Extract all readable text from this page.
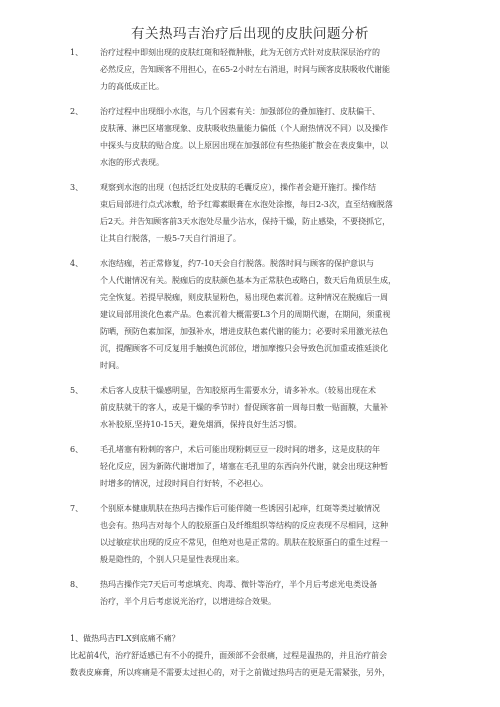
有关热玛吉治疗后出现的皮肤问题分析
1、 治疗过程中即刻出现的皮肤红斑和轻微肿胀，此为无创方式针对皮肤深层治疗的
必然反应，告知顾客不用担心，在65-2小时左右消退，时间与顾客皮肤吸收代谢能
力的高低成正比。
2、 治疗过程中出现细小水泡，与几个因素有关：加强部位的叠加施打、皮肤偏干、
皮肤薄、淋巴区堵塞现象、皮肤吸收热量能力偏低（个人耐热情况不同）以及操作
中探头与皮肤的贴合度。以上原因出现在加强部位有些热能扩散会在表皮集中，以
水泡的形式表现。
3、 观察到水泡的出现（包括泛红处皮肤的毛囊反应），操作者会避开施打。操作结
束后局部进行点式冰敷，给予红霉素眼膏在水泡处涂擦，每日2-3次，直至结痂脱落
后2天。并告知顾客前3天水泡处尽量少沾水，保持干燥，防止感染，不要挠抓它，
让其自行脱落，一般5-7天自行消退了。
4、 水泡结痂，若正常修复，约7-10天会自行脱落。脱落时间与顾客的保护意识与
个人代谢情况有关。脱痂后的皮肤颜色基本为正常肤色或略白，数天后角质层生成，
完全恢复。若提早脱痂，则皮肤显粉色，易出现色素沉着。这种情况在脱痂后一周
建议局部用淡化色素产品。色素沉着大概需要L3个月的周期代谢，在期间，须重视
防晒，预防色素加深，加强补水，增进皮肤色素代谢的能力；必要时采用激光祛色
沉，提醒顾客不可反复用手触摸色沉部位，增加摩擦只会导致色沉加重或推延淡化
时间。
5、 术后客人皮肤干燥感明显，告知胶原再生需要水分，请多补水。（较易出现在术
前皮肤就干的客人，或是干燥的季节时）督促顾客前一周每日敷一贴面膜，大量补
水补胶原,坚持10-15天，避免烟酒，保持良好生活习惯。
6、 毛孔堵塞有粉刺的客户，术后可能出现粉刺豆豆一段时间的增多，这是皮肤的年
轻化反应，因为新陈代谢增加了，堵塞在毛孔里的东西向外代谢，就会出现这种暂
时增多的情况，过段时间自行好转，不必担心。
7、 个别原本健康肌肤在热玛吉操作后可能伴随一些诱因引起痒，红斑等类过敏情况
也会有。热玛吉对每个人的胶原蛋白及纤维组织等结构的反应表现不尽相同，这种
以过敏症状出现的反应不常见，但绝对也是正常的。肌肤在胶原蛋白的重生过程一
般是隐性的，个别人只是显性表现出来。
8、 热玛吉操作完7天后可考虑填充、肉毒、微针等治疗，半个月后考虑光电类设备
治疗，半个月后考虑说光治疗，以增进综合效果。
1、做热玛吉FLX到底痛不痛？
比起前4代，治疗舒适感已有不小的提升，面颈部不会很痛，过程是温热的，并且治疗前会
数表皮麻膏，所以疼痛是不需要太过担心的，对于之前做过热玛吉的更是无需紧张，另外，
